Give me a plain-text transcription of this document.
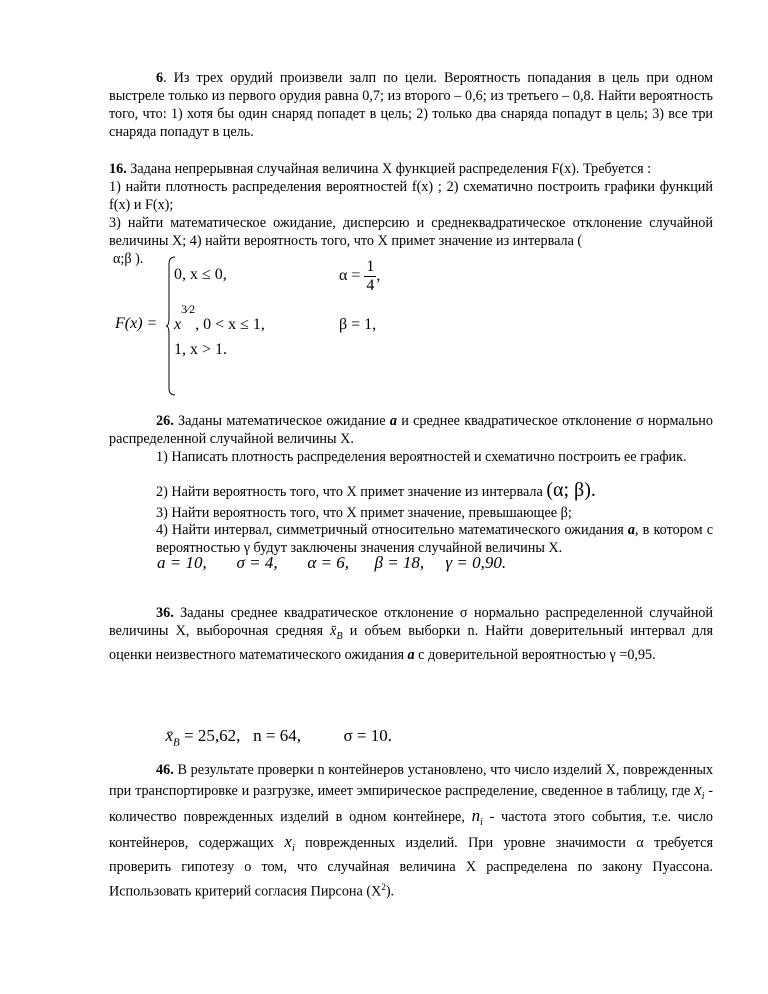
6. Из трех орудий произвели залп по цели. Вероятность попадания в цель при одном выстреле только из первого орудия равна 0,7; из второго – 0,6; из третьего – 0,8. Найти вероятность того, что: 1) хотя бы один снаряд попадет в цель; 2) только два снаряда попадут в цель; 3) все три снаряда попадут в цель.
16. Задана непрерывная случайная величина X функцией распределения F(x). Требуется :
1) найти плотность распределения вероятностей f(x) ; 2) схематично построить графики функций f(x) и F(x);
3) найти математическое ожидание, дисперсию и среднеквадратическое отклонение случайной величины X; 4) найти вероятность того, что X примет значение из интервала (
α;β ).
F(x) =
0, x ≤ 0,
$x^{3⁄2}$, 0 < x ≤ 1,
1, x > 1.
$\alpha = \frac{1}{4}$ ,
β = 1,
26. Заданы математическое ожидание a и среднее квадратическое отклонение σ нормально распределенной случайной величины X.
1) Написать плотность распределения вероятностей и схематично построить ее график.
2) Найти вероятность того, что X примет значение из интервала (α; β).
3) Найти вероятность того, что X примет значение, превышающее β;
4) Найти интервал, симметричный относительно математического ожидания a, в котором с вероятностью γ будут заключены значения случайной величины X.
a = 10,       σ = 4,       α = 6,      β = 18,     γ = 0,90.
36. Заданы среднее квадратическое отклонение σ нормально распределенной случайной величины X, выборочная средняя $x̄_B$ и объем выборки n. Найти доверительный интервал для оценки неизвестного математического ожидания a с доверительной вероятностью γ =0,95.

$x̄_B = 25,62$,   n = 64,          σ = 10.

46. В результате проверки n контейнеров установлено, что число изделий X, поврежденных при транспортировке и разгрузке, имеет эмпирическое распределение, сведенное в таблицу, где $x_i$ - количество поврежденных изделий в одном контейнере, $n_i$ - частота этого события, т.е. число контейнеров, содержащих $x_i$ поврежденных изделий. При уровне значимости α требуется проверить гипотезу о том, что случайная величина X распределена по закону Пуассона. Использовать критерий согласия Пирсона $(X^2)$.
